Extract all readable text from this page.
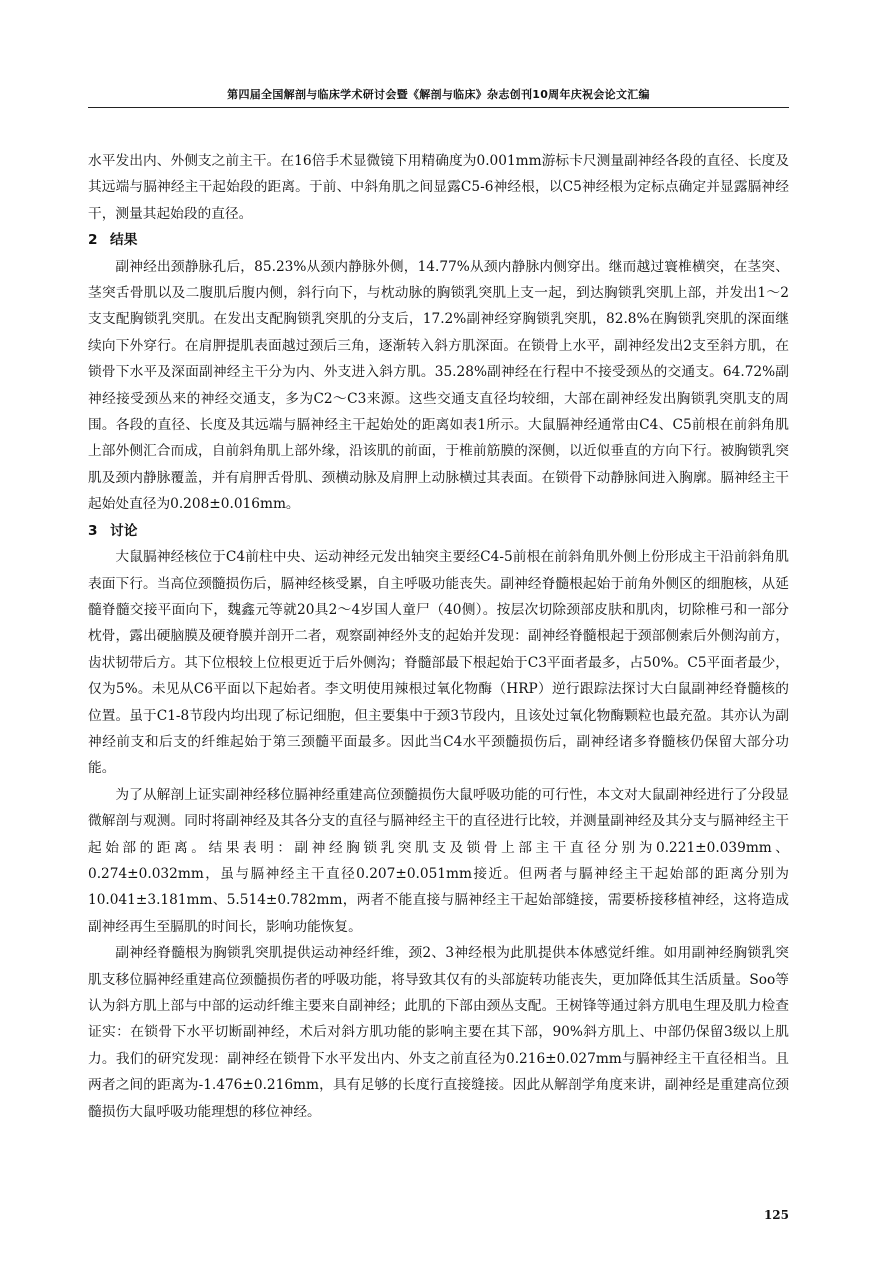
第四届全国解剖与临床学术研讨会暨《解剖与临床》杂志创刊10周年庆祝会论文汇编

水平发出内、外侧支之前主干。在16倍手术显微镜下用精确度为0.001mm游标卡尺测量副神经各段的直径、长度及其远端与膈神经主干起始段的距离。于前、中斜角肌之间显露C5-6神经根，以C5神经根为定标点确定并显露膈神经干，测量其起始段的直径。

2 结果

副神经出颈静脉孔后，85.23%从颈内静脉外侧，14.77%从颈内静脉内侧穿出。继而越过寰椎横突，在茎突、茎突舌骨肌以及二腹肌后腹内侧，斜行向下，与枕动脉的胸锁乳突肌上支一起，到达胸锁乳突肌上部，并发出1～2支支配胸锁乳突肌。在发出支配胸锁乳突肌的分支后，17.2%副神经穿胸锁乳突肌，82.8%在胸锁乳突肌的深面继续向下外穿行。在肩胛提肌表面越过颈后三角，逐渐转入斜方肌深面。在锁骨上水平，副神经发出2支至斜方肌，在锁骨下水平及深面副神经主干分为内、外支进入斜方肌。35.28%副神经在行程中不接受颈丛的交通支。64.72%副神经接受颈丛来的神经交通支，多为C2～C3来源。这些交通支直径均较细，大部在副神经发出胸锁乳突肌支的周围。各段的直径、长度及其远端与膈神经主干起始处的距离如表1所示。大鼠膈神经通常由C4、C5前根在前斜角肌上部外侧汇合而成，自前斜角肌上部外缘，沿该肌的前面，于椎前筋膜的深侧，以近似垂直的方向下行。被胸锁乳突肌及颈内静脉覆盖，并有肩胛舌骨肌、颈横动脉及肩胛上动脉横过其表面。在锁骨下动静脉间进入胸廓。膈神经主干起始处直径为0.208±0.016mm。

3 讨论

大鼠膈神经核位于C4前柱中央、运动神经元发出轴突主要经C4-5前根在前斜角肌外侧上份形成主干沿前斜角肌表面下行。当高位颈髓损伤后，膈神经核受累，自主呼吸功能丧失。副神经脊髓根起始于前角外侧区的细胞核，从延髓脊髓交接平面向下，魏鑫元等就20具2～4岁国人童尸（40侧）。按层次切除颈部皮肤和肌肉，切除椎弓和一部分枕骨，露出硬脑膜及硬脊膜并剖开二者，观察副神经外支的起始并发现：副神经脊髓根起于颈部侧索后外侧沟前方，齿状韧带后方。其下位根较上位根更近于后外侧沟；脊髓部最下根起始于C3平面者最多，占50%。C5平面者最少，仅为5%。未见从C6平面以下起始者。李文明使用辣根过氧化物酶（HRP）逆行跟踪法探讨大白鼠副神经脊髓核的位置。虽于C1-8节段内均出现了标记细胞，但主要集中于颈3节段内，且该处过氧化物酶颗粒也最充盈。其亦认为副神经前支和后支的纤维起始于第三颈髓平面最多。因此当C4水平颈髓损伤后，副神经诸多脊髓核仍保留大部分功能。

为了从解剖上证实副神经移位膈神经重建高位颈髓损伤大鼠呼吸功能的可行性，本文对大鼠副神经进行了分段显微解剖与观测。同时将副神经及其各分支的直径与膈神经主干的直径进行比较，并测量副神经及其分支与膈神经主干起始部的距离。结果表明：副神经胸锁乳突肌支及锁骨上部主干直径分别为0.221±0.039mm、0.274±0.032mm，虽与膈神经主干直径0.207±0.051mm接近。但两者与膈神经主干起始部的距离分别为10.041±3.181mm、5.514±0.782mm，两者不能直接与膈神经主干起始部缝接，需要桥接移植神经，这将造成副神经再生至膈肌的时间长，影响功能恢复。

副神经脊髓根为胸锁乳突肌提供运动神经纤维，颈2、3神经根为此肌提供本体感觉纤维。如用副神经胸锁乳突肌支移位膈神经重建高位颈髓损伤者的呼吸功能，将导致其仅有的头部旋转功能丧失，更加降低其生活质量。Soo等认为斜方肌上部与中部的运动纤维主要来自副神经；此肌的下部由颈丛支配。王树锋等通过斜方肌电生理及肌力检查证实：在锁骨下水平切断副神经，术后对斜方肌功能的影响主要在其下部，90%斜方肌上、中部仍保留3级以上肌力。我们的研究发现：副神经在锁骨下水平发出内、外支之前直径为0.216±0.027mm与膈神经主干直径相当。且两者之间的距离为-1.476±0.216mm，具有足够的长度行直接缝接。因此从解剖学角度来讲，副神经是重建高位颈髓损伤大鼠呼吸功能理想的移位神经。

125
